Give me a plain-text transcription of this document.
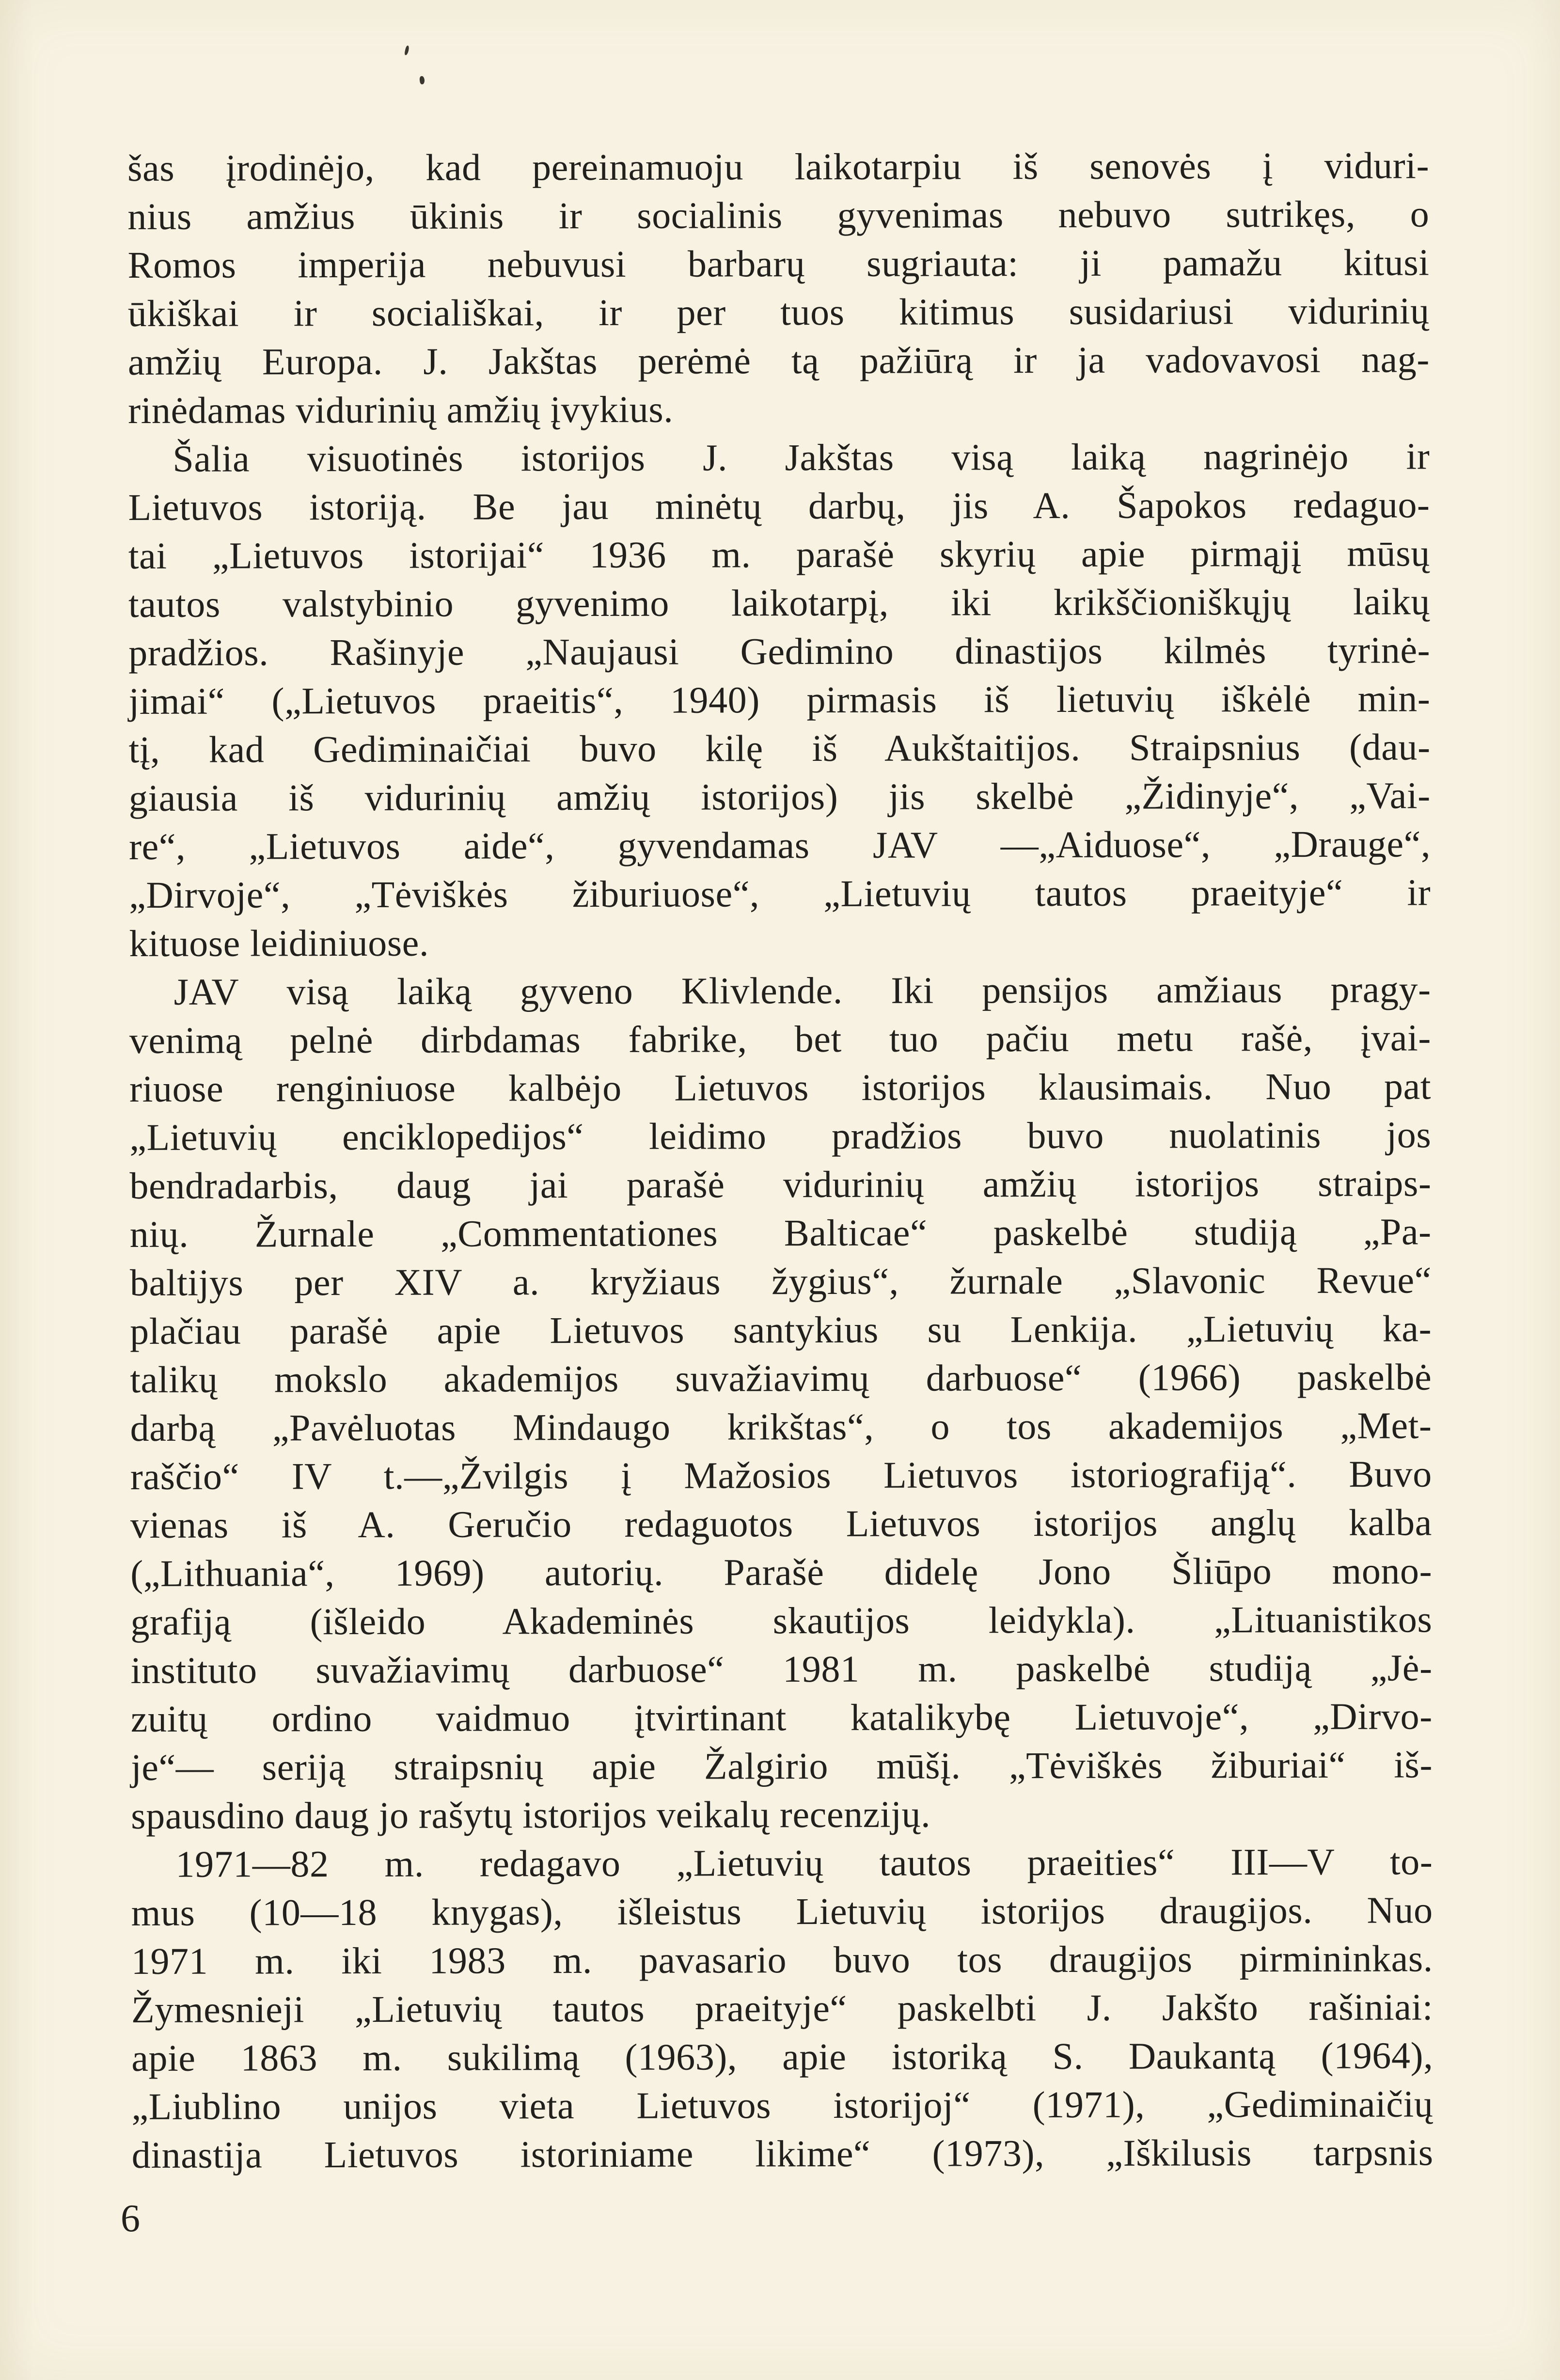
šas įrodinėjo, kad pereinamuoju laikotarpiu iš senovės į viduri-
nius amžius ūkinis ir socialinis gyvenimas nebuvo sutrikęs, o
Romos imperija nebuvusi barbarų sugriauta: ji pamažu kitusi
ūkiškai ir sociališkai, ir per tuos kitimus susidariusi vidurinių
amžių Europa. J. Jakštas perėmė tą pažiūrą ir ja vadovavosi nag-
rinėdamas vidurinių amžių įvykius.
Šalia visuotinės istorijos J. Jakštas visą laiką nagrinėjo ir
Lietuvos istoriją. Be jau minėtų darbų, jis A. Šapokos redaguo-
tai „Lietuvos istorijai“ 1936 m. parašė skyrių apie pirmąjį mūsų
tautos valstybinio gyvenimo laikotarpį, iki krikščioniškųjų laikų
pradžios. Rašinyje „Naujausi Gedimino dinastijos kilmės tyrinė-
jimai“ („Lietuvos praeitis“, 1940) pirmasis iš lietuvių iškėlė min-
tį, kad Gediminaičiai buvo kilę iš Aukštaitijos. Straipsnius (dau-
giausia iš vidurinių amžių istorijos) jis skelbė „Židinyje“, „Vai-
re“, „Lietuvos aide“, gyvendamas JAV —„Aiduose“, „Drauge“,
„Dirvoje“, „Tėviškės žiburiuose“, „Lietuvių tautos praeityje“ ir
kituose leidiniuose.
JAV visą laiką gyveno Klivlende. Iki pensijos amžiaus pragy-
venimą pelnė dirbdamas fabrike, bet tuo pačiu metu rašė, įvai-
riuose renginiuose kalbėjo Lietuvos istorijos klausimais. Nuo pat
„Lietuvių enciklopedijos“ leidimo pradžios buvo nuolatinis jos
bendradarbis, daug jai parašė vidurinių amžių istorijos straips-
nių. Žurnale „Commentationes Balticae“ paskelbė studiją „Pa-
baltijys per XIV a. kryžiaus žygius“, žurnale „Slavonic Revue“
plačiau parašė apie Lietuvos santykius su Lenkija. „Lietuvių ka-
talikų mokslo akademijos suvažiavimų darbuose“ (1966) paskelbė
darbą „Pavėluotas Mindaugo krikštas“, o tos akademijos „Met-
raščio“ IV t.—„Žvilgis į Mažosios Lietuvos istoriografiją“. Buvo
vienas iš A. Geručio redaguotos Lietuvos istorijos anglų kalba
(„Lithuania“, 1969) autorių. Parašė didelę Jono Šliūpo mono-
grafiją (išleido Akademinės skautijos leidykla). „Lituanistikos
instituto suvažiavimų darbuose“ 1981 m. paskelbė studiją „Jė-
zuitų ordino vaidmuo įtvirtinant katalikybę Lietuvoje“, „Dirvo-
je“— seriją straipsnių apie Žalgirio mūšį. „Tėviškės žiburiai“ iš-
spausdino daug jo rašytų istorijos veikalų recenzijų.
1971—82 m. redagavo „Lietuvių tautos praeities“ III—V to-
mus (10—18 knygas), išleistus Lietuvių istorijos draugijos. Nuo
1971 m. iki 1983 m. pavasario buvo tos draugijos pirmininkas.
Žymesnieji „Lietuvių tautos praeityje“ paskelbti J. Jakšto rašiniai:
apie 1863 m. sukilimą (1963), apie istoriką S. Daukantą (1964),
„Liublino unijos vieta Lietuvos istorijoj“ (1971), „Gediminaičių
dinastija Lietuvos istoriniame likime“ (1973), „Iškilusis tarpsnis
6
